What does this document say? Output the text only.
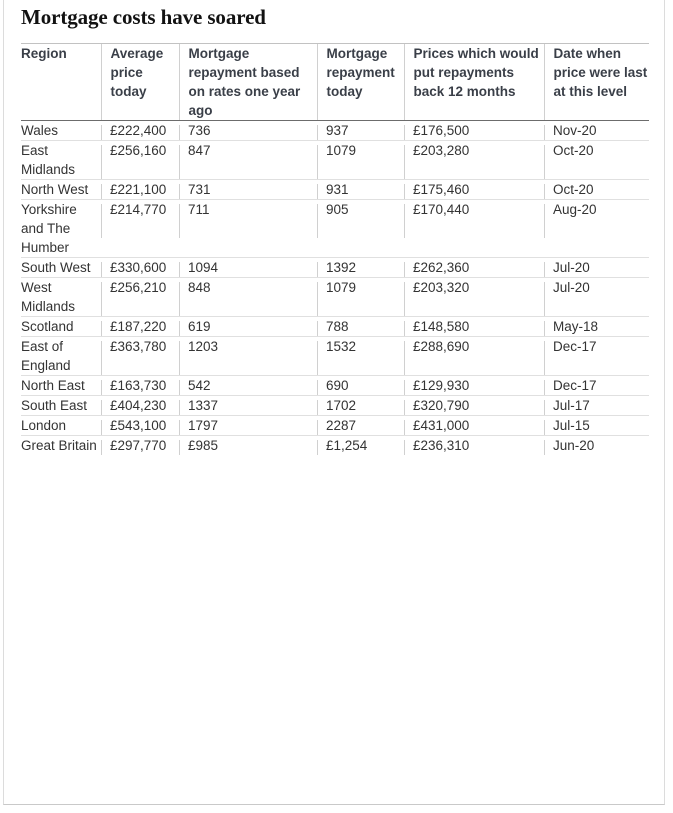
Mortgage costs have soared
Region	Average price today	Mortgage repayment based on rates one year ago	Mortgage repayment today	Prices which would put repayments back 12 months	Date when price were last at this level
Wales	£222,400	736	937	£176,500	Nov-20
East Midlands	£256,160	847	1079	£203,280	Oct-20
North West	£221,100	731	931	£175,460	Oct-20
Yorkshire and The Humber	£214,770	711	905	£170,440	Aug-20
South West	£330,600	1094	1392	£262,360	Jul-20
West Midlands	£256,210	848	1079	£203,320	Jul-20
Scotland	£187,220	619	788	£148,580	May-18
East of England	£363,780	1203	1532	£288,690	Dec-17
North East	£163,730	542	690	£129,930	Dec-17
South East	£404,230	1337	1702	£320,790	Jul-17
London	£543,100	1797	2287	£431,000	Jul-15
Great Britain	£297,770	£985	£1,254	£236,310	Jun-20
